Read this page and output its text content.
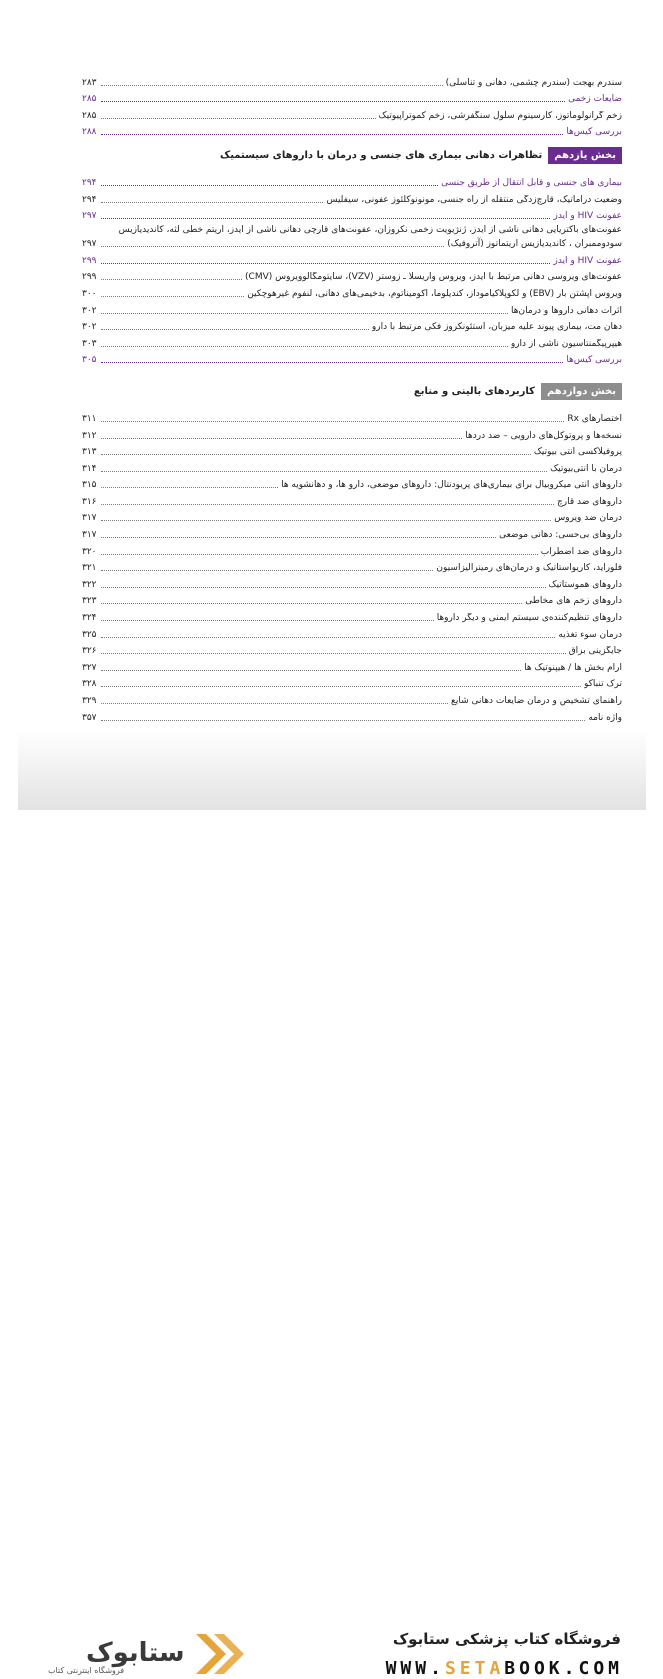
سندرم بهجت (سندرم چشمی، دهانی و تناسلی)
۲۸۳
ضایعات زخمی
۲۸۵
زخم گرانولوماتوز، کارسینوم سلول سنگفرشی، زخم کموتراپیوتیک
۲۸۵
بررسی کیس‌ها
۲۸۸
بخش یازدهم
تظاهرات دهانی بیماری های جنسی و درمان با داروهای سیستمیک
بیماری های جنسی و قابل انتقال از طریق جنسی
۲۹۴
وضعیت دراماتیک، قارچ‌زدگی منتقله از راه جنسی، مونونوکلئوز عفونی، سیفلیس
۲۹۴
عفونت HIV و ایدز
۲۹۷
عفونت‌های باکتریایی دهانی ناشی از ایدز، ژنژیویت زخمی نکروزان، عفونت‌های قارچی دهانی ناشی از ایدز، اریتم خطی لثه، کاندیدیازیس
سودوممبران ، کاندیدیازیس اریتماتوز (آتروفیک)
۲۹۷
عفونت HIV و ایدز
۲۹۹
عفونت‌های ویروسی دهانی مرتبط با ایدز، ویروس واریسلا ـ زوستر (VZV)، سایتومگالوویروس (CMV)
۲۹۹
ویروس اپشتن بار (EBV) و لکوپلاکیاموداز، کندیلوما، آکومیناتوم، بدخیمی‌های دهانی، لنفوم غیرهوچکین
۳۰۰
اثرات دهانی داروها و درمان‌ها
۳۰۲
دهان مت، بیماری پیوند علیه میزبان، استئونکروز فکی مرتبط با دارو
۳۰۲
هیپرپیگمنتاسیون ناشی از دارو
۳۰۳
بررسی کیس‌ها
۳۰۵
بخش دوازدهم
کاربردهای بالینی و منابع
اختصارهای Rx
۳۱۱
نسخه‌ها و پروتوکل‌های دارویی – ضد دردها
۳۱۲
پروفیلاکسی آنتی بیوتیک
۳۱۳
درمان با آنتی‌بیوتیک
۳۱۴
داروهای آنتی میکروبیال برای بیماری‌های پریودنتال: داروهای موضعی، دارو ها، و دهانشویه ها
۳۱۵
داروهای ضد قارچ
۳۱۶
درمان ضد ویروس
۳۱۷
داروهای بی‌حسی: دهانی موضعی
۳۱۷
داروهای ضد اضطراب
۳۲۰
فلوراید، کاریواستاتیک و درمان‌های رمینرالیزاسیون
۳۲۱
داروهای هموستاتیک
۳۲۲
داروهای زخم های مخاطی
۳۲۳
داروهای تنظیم‌کننده‌ی سیستم ایمنی و دیگر داروها
۳۲۴
درمان سوء تغذیه
۳۲۵
جایگزینی بزاق
۳۲۶
آرام بخش ها / هیپنوتیک ها
۳۲۷
ترک تنباکو
۳۲۸
راهنمای تشخیص و درمان ضایعات دهانی شایع
۳۲۹
واژه نامه
۳۵۷
ستابوک
فروشگاه اینترنتی کتاب
فروشگاه کتاب پزشکی ستابوک
WWW.SETABOOK.COM
